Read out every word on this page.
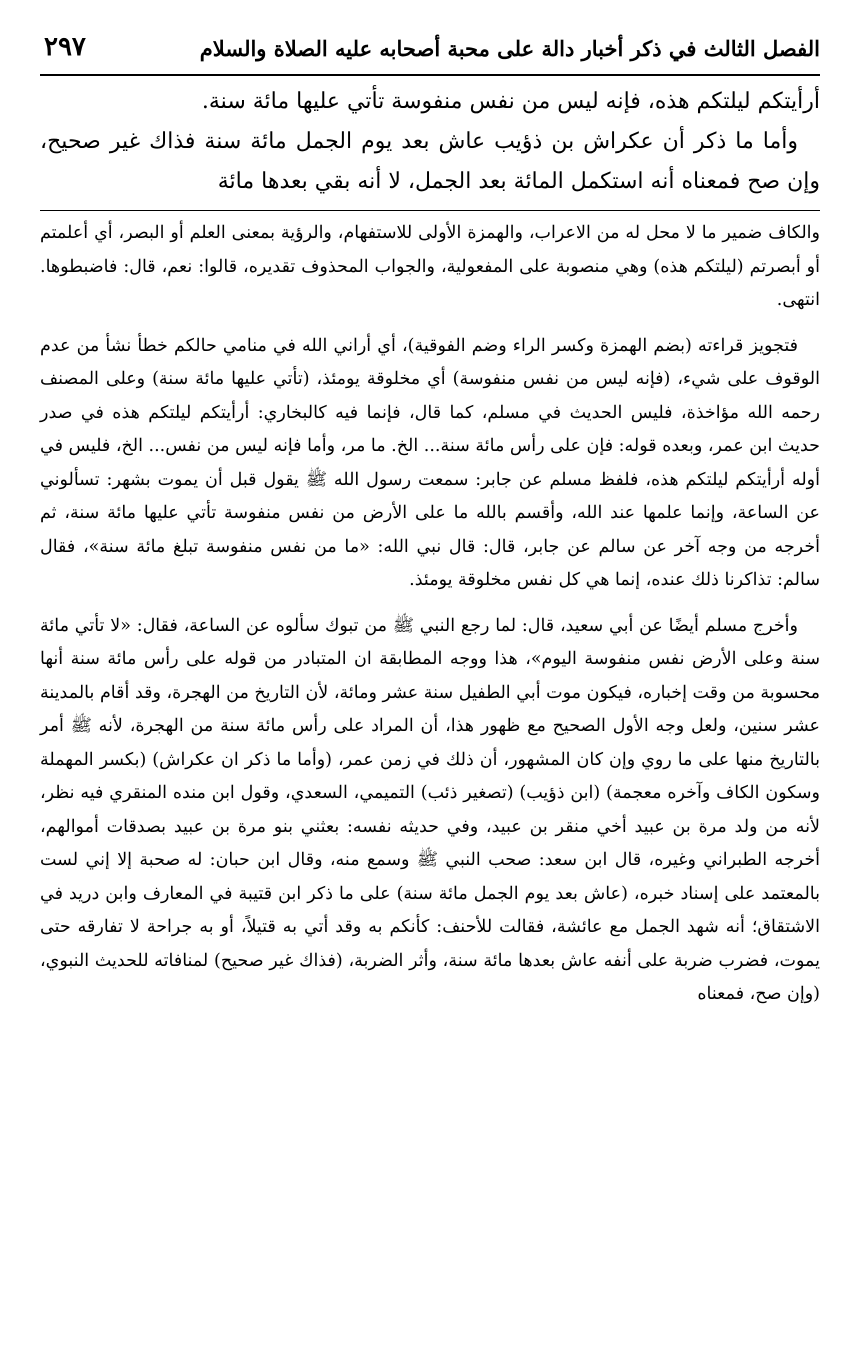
الفصل الثالث في ذكر أخبار دالة على محبة أصحابه عليه الصلاة والسلام
٢٩٧

أرأيتكم ليلتكم هذه، فإنه ليس من نفس منفوسة تأتي عليها مائة سنة.

وأما ما ذكر أن عكراش بن ذؤيب عاش بعد يوم الجمل مائة سنة فذاك غير صحيح، وإن صح فمعناه أنه استكمل المائة بعد الجمل، لا أنه بقي بعدها مائة

والكاف ضمير ما لا محل له من الاعراب، والهمزة الأولى للاستفهام، والرؤية بمعنى العلم أو البصر، أي أعلمتم أو أبصرتم (ليلتكم هذه) وهي منصوبة على المفعولية، والجواب المحذوف تقديره، قالوا: نعم، قال: فاضبطوها. انتهى.

فتجويز قراءته (بضم الهمزة وكسر الراء وضم الفوقية)، أي أراني الله في منامي حالكم خطأ نشأ من عدم الوقوف على شيء، (فإنه ليس من نفس منفوسة) أي مخلوقة يومئذ، (تأتي عليها مائة سنة) وعلى المصنف رحمه الله مؤاخذة، فليس الحديث في مسلم، كما قال، فإنما فيه كالبخاري: أرأيتكم ليلتكم هذه في صدر حديث ابن عمر، وبعده قوله: فإن على رأس مائة سنة... الخ. ما مر، وأما فإنه ليس من نفس... الخ، فليس في أوله أرأيتكم ليلتكم هذه، فلفظ مسلم عن جابر: سمعت رسول الله ﷺ يقول قبل أن يموت بشهر: تسألوني عن الساعة، وإنما علمها عند الله، وأقسم بالله ما على الأرض من نفس منفوسة تأتي عليها مائة سنة، ثم أخرجه من وجه آخر عن سالم عن جابر، قال: قال نبي الله: «ما من نفس منفوسة تبلغ مائة سنة»، فقال سالم: تذاكرنا ذلك عنده، إنما هي كل نفس مخلوقة يومئذ.

وأخرج مسلم أيضًا عن أبي سعيد، قال: لما رجع النبي ﷺ من تبوك سألوه عن الساعة، فقال: «لا تأتي مائة سنة وعلى الأرض نفس منفوسة اليوم»، هذا ووجه المطابقة ان المتبادر من قوله على رأس مائة سنة أنها محسوبة من وقت إخباره، فيكون موت أبي الطفيل سنة عشر ومائة، لأن التاريخ من الهجرة، وقد أقام بالمدينة عشر سنين، ولعل وجه الأول الصحيح مع ظهور هذا، أن المراد على رأس مائة سنة من الهجرة، لأنه ﷺ أمر بالتاريخ منها على ما روي وإن كان المشهور، أن ذلك في زمن عمر، (وأما ما ذكر ان عكراش) (بكسر المهملة وسكون الكاف وآخره معجمة) (ابن ذؤيب) (تصغير ذئب) التميمي، السعدي، وقول ابن منده المنقري فيه نظر، لأنه من ولد مرة بن عبيد أخي منقر بن عبيد، وفي حديثه نفسه: بعثني بنو مرة بن عبيد بصدقات أموالهم، أخرجه الطبراني وغيره، قال ابن سعد: صحب النبي ﷺ وسمع منه، وقال ابن حبان: له صحبة إلا إني لست بالمعتمد على إسناد خبره، (عاش بعد يوم الجمل مائة سنة) على ما ذكر ابن قتيبة في المعارف وابن دريد في الاشتقاق؛ أنه شهد الجمل مع عائشة، فقالت للأحنف: كأنكم به وقد أتي به قتيلاً، أو به جراحة لا تفارقه حتى يموت، فضرب ضربة على أنفه عاش بعدها مائة سنة، وأثر الضربة، (فذاك غير صحيح) لمنافاته للحديث النبوي، (وإن صح، فمعناه
